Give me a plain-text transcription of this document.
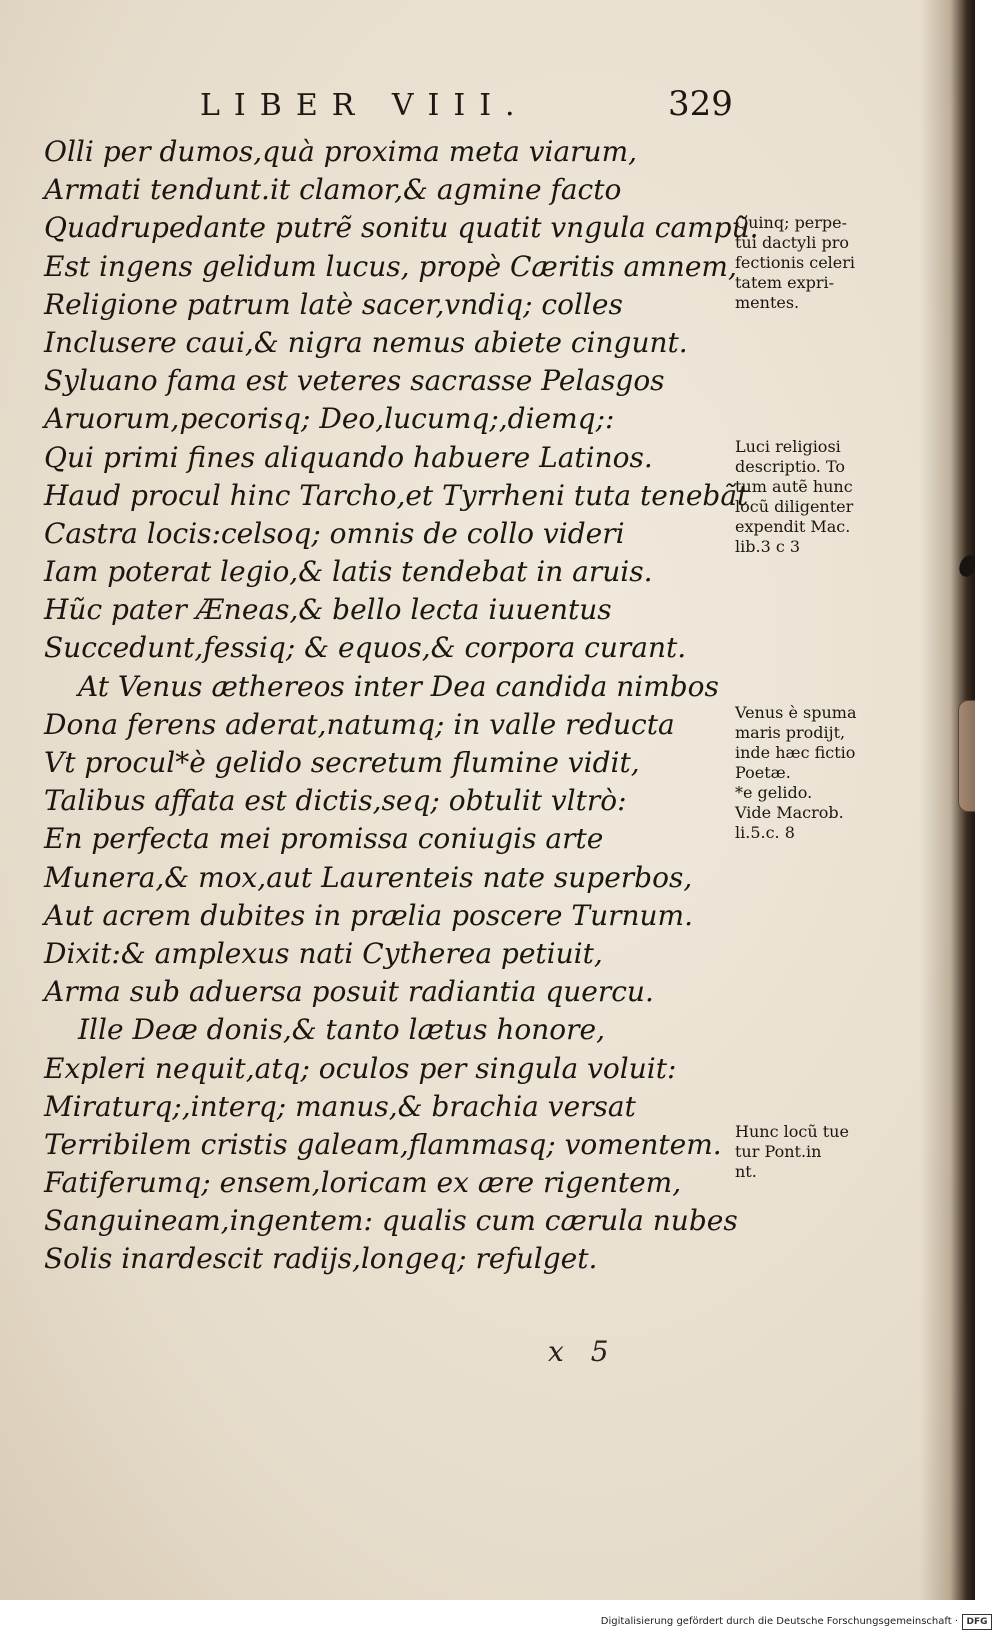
LIBER VIII.	329
Olli per dumos,quà proxima meta viarum,
Armati tendunt.it clamor,& agmine facto
Quadrupedante putrẽ sonitu quatit vngula campũ.
Est ingens gelidum lucus, propè Cæritis amnem,
Religione patrum latè sacer,vndiq; colles
Inclusere caui,& nigra nemus abiete cingunt.
Syluano fama est veteres sacrasse Pelasgos
Aruorum,pecorisq; Deo,lucumq;,diemq;:
Qui primi fines aliquando habuere Latinos.
Haud procul hinc Tarcho,et Tyrrheni tuta tenebãt
Castra locis:celsoq; omnis de collo videri
Iam poterat legio,& latis tendebat in aruis.
Hũc pater Æneas,& bello lecta iuuentus
Succedunt,fessiq; & equos,& corpora curant.
At Venus æthereos inter Dea candida nimbos
Dona ferens aderat,natumq; in valle reducta
Vt procul*è gelido secretum flumine vidit,
Talibus affata est dictis,seq; obtulit vltrò:
En perfecta mei promissa coniugis arte
Munera,& mox,aut Laurenteis nate superbos,
Aut acrem dubites in prælia poscere Turnum.
Dixit:& amplexus nati Cytherea petiuit,
Arma sub aduersa posuit radiantia quercu.
Ille Deæ donis,& tanto lætus honore,
Expleri nequit,atq; oculos per singula voluit:
Miraturq;,interq; manus,& brachia versat
Terribilem cristis galeam,flammasq; vomentem.
Fatiferumq; ensem,loricam ex ære rigentem,
Sanguineam,ingentem: qualis cum cærula nubes
Solis inardescit radijs,longeq; refulget.
Quinq; perpe-
tui dactyli pro
fectionis celeri
tatem expri-
mentes.
Luci religiosi
descriptio. To
tum autẽ hunc
locũ diligenter
expendit Mac.
lib.3 c 3
Venus è spuma
maris prodijt,
inde hæc fictio
Poetæ.
*e gelido.
Vide Macrob.
li.5.c. 8
Hunc locũ tue
tur Pont.in
nt.
x 5
Digitalisierung gefördert durch die Deutsche Forschungsgemeinschaft · DFG
